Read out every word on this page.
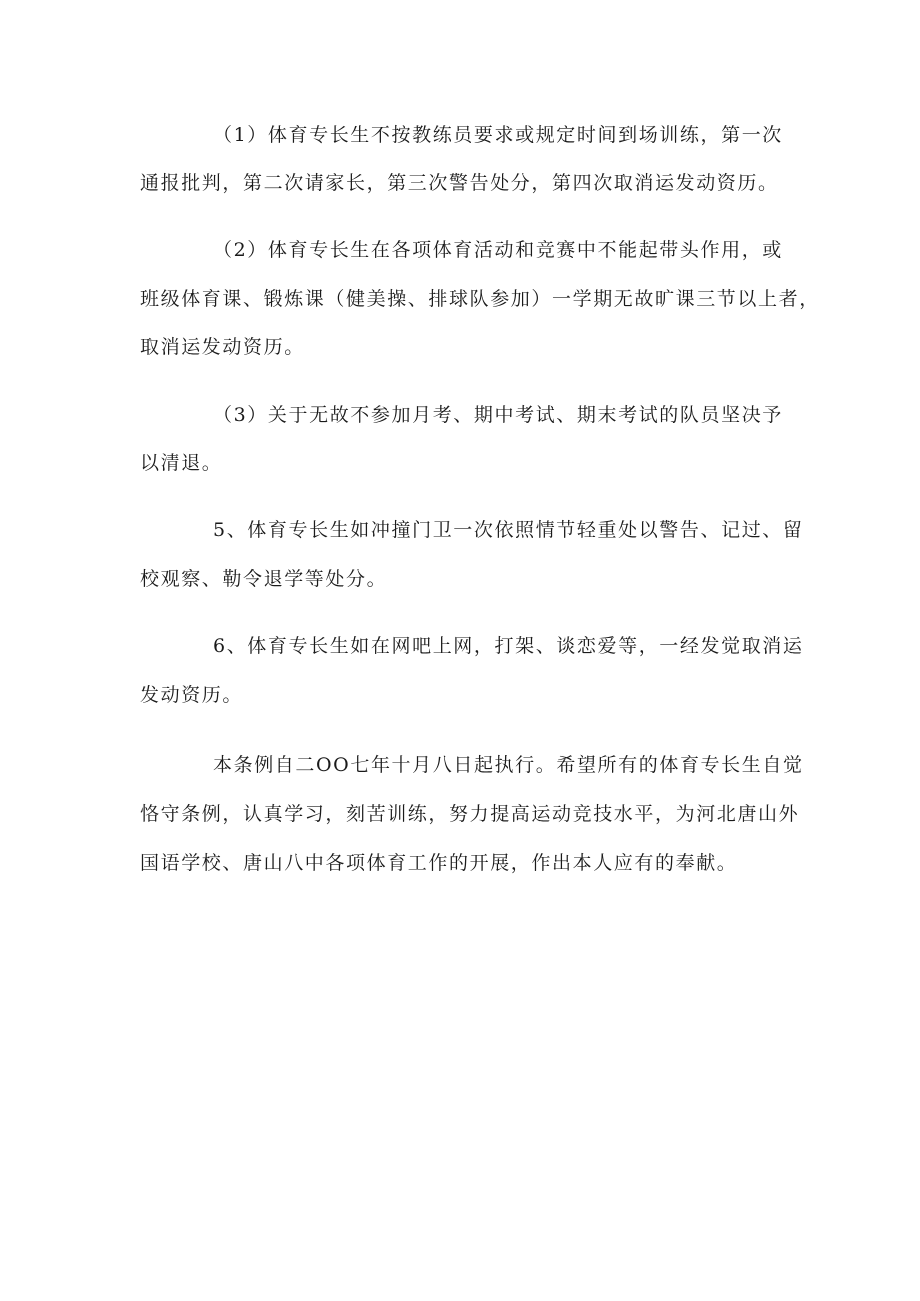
（1）体育专长生不按教练员要求或规定时间到场训练，第一次
通报批判，第二次请家长，第三次警告处分，第四次取消运发动资历。
（2）体育专长生在各项体育活动和竞赛中不能起带头作用，或
班级体育课、锻炼课（健美操、排球队参加）一学期无故旷课三节以上者，
取消运发动资历。
（3）关于无故不参加月考、期中考试、期末考试的队员坚决予
以清退。
5、体育专长生如冲撞门卫一次依照情节轻重处以警告、记过、留
校观察、勒令退学等处分。
6、体育专长生如在网吧上网，打架、谈恋爱等，一经发觉取消运
发动资历。
本条例自二OO七年十月八日起执行。希望所有的体育专长生自觉
恪守条例，认真学习，刻苦训练，努力提高运动竞技水平，为河北唐山外
国语学校、唐山八中各项体育工作的开展，作出本人应有的奉献。
